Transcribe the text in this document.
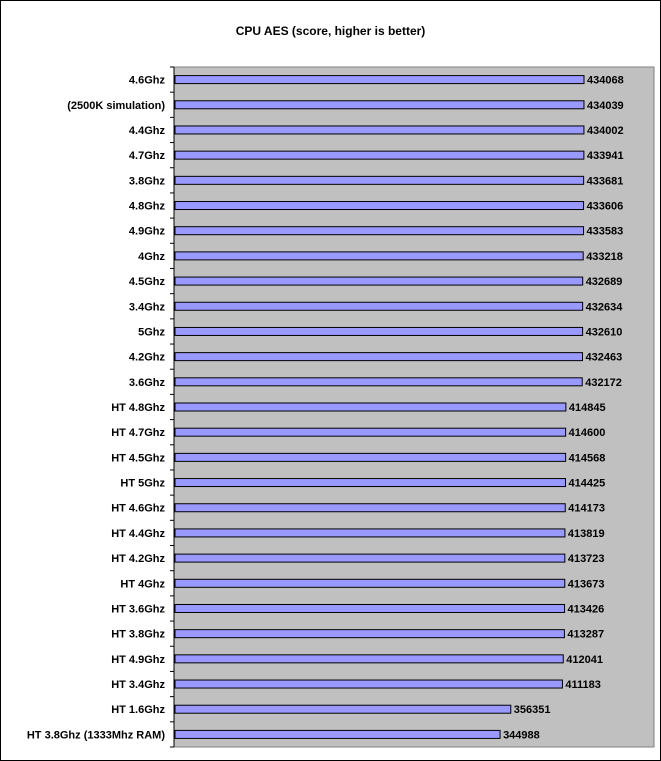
CPU AES (score, higher is better)
4.6Ghz	434068
(2500K simulation)	434039
4.4Ghz	434002
4.7Ghz	433941
3.8Ghz	433681
4.8Ghz	433606
4.9Ghz	433583
4Ghz	433218
4.5Ghz	432689
3.4Ghz	432634
5Ghz	432610
4.2Ghz	432463
3.6Ghz	432172
HT 4.8Ghz	414845
HT 4.7Ghz	414600
HT 4.5Ghz	414568
HT 5Ghz	414425
HT 4.6Ghz	414173
HT 4.4Ghz	413819
HT 4.2Ghz	413723
HT 4Ghz	413673
HT 3.6Ghz	413426
HT 3.8Ghz	413287
HT 4.9Ghz	412041
HT 3.4Ghz	411183
HT 1.6Ghz	356351
HT 3.8Ghz (1333Mhz RAM)	344988
